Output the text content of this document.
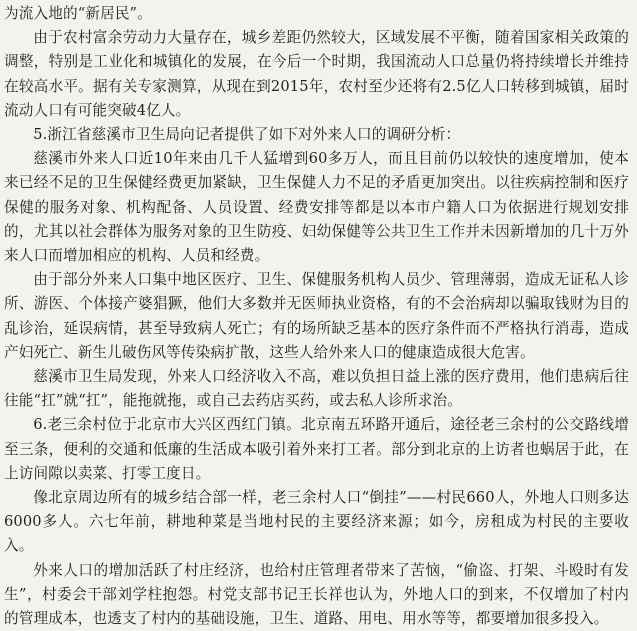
为流入地的“新居民”。

由于农村富余劳动力大量存在，城乡差距仍然较大，区域发展不平衡，随着国家相关政策的调整，特别是工业化和城镇化的发展，在今后一个时期，我国流动人口总量仍将持续增长并维持在较高水平。据有关专家测算，从现在到2015年，农村至少还将有2.5亿人口转移到城镇，届时流动人口有可能突破4亿人。

5.浙江省慈溪市卫生局向记者提供了如下对外来人口的调研分析：

慈溪市外来人口近10年来由几千人猛增到60多万人，而且目前仍以较快的速度增加，使本来已经不足的卫生保健经费更加紧缺，卫生保健人力不足的矛盾更加突出。以往疾病控制和医疗保健的服务对象、机构配备、人员设置、经费安排等都是以本市户籍人口为依据进行规划安排的，尤其以社会群体为服务对象的卫生防疫、妇幼保健等公共卫生工作并未因新增加的几十万外来人口而增加相应的机构、人员和经费。

由于部分外来人口集中地区医疗、卫生、保健服务机构人员少、管理薄弱，造成无证私人诊所、游医、个体接产婆猖獗，他们大多数并无医师执业资格，有的不会治病却以骗取钱财为目的乱诊治，延误病情，甚至导致病人死亡；有的场所缺乏基本的医疗条件而不严格执行消毒，造成产妇死亡、新生儿破伤风等传染病扩散，这些人给外来人口的健康造成很大危害。

慈溪市卫生局发现，外来人口经济收入不高，难以负担日益上涨的医疗费用，他们患病后往往能“扛”就“扛”，能拖就拖，或自己去药店买药，或去私人诊所求治。

6.老三余村位于北京市大兴区西红门镇。北京南五环路开通后，途径老三余村的公交路线增至三条，便利的交通和低廉的生活成本吸引着外来打工者。部分到北京的上访者也蜗居于此，在上访间隙以卖菜、打零工度日。

像北京周边所有的城乡结合部一样，老三余村人口“倒挂”——村民660人，外地人口则多达6000多人。六七年前，耕地种菜是当地村民的主要经济来源；如今，房租成为村民的主要收入。

外来人口的增加活跃了村庄经济，也给村庄管理者带来了苦恼，“偷盗、打架、斗殴时有发生”，村委会干部刘学柱抱怨。村党支部书记王长祥也认为，外地人口的到来，不仅增加了村内的管理成本，也透支了村内的基础设施，卫生、道路、用电、用水等等，都要增加很多投入。
